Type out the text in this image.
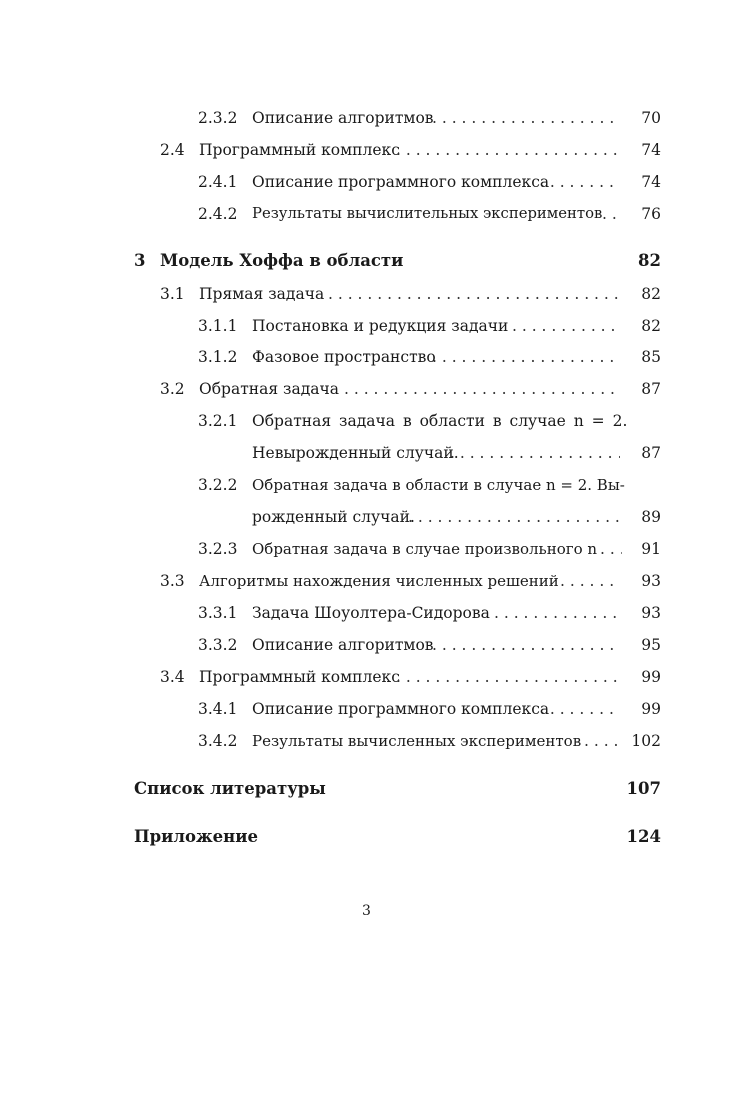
2.3.2 Описание алгоритмов . . .	70
2.4 Программный комплекс . . .	74
2.4.1 Описание программного комплекса . . .	74
2.4.2 Результаты вычислительных экспериментов . . .	76
3 Модель Хоффа в области	82
3.1 Прямая задача . . .	82
3.1.1 Постановка и редукция задачи . . .	82
3.1.2 Фазовое пространство . . .	85
3.2 Обратная задача . . .	87
3.2.1 Обратная задача в области в случае n = 2.
Невырожденный случай. . . .	87
3.2.2 Обратная задача в области в случае n = 2. Вы-
рожденный случай. . . .	89
3.2.3 Обратная задача в случае произвольного n . . .	91
3.3 Алгоритмы нахождения численных решений . . .	93
3.3.1 Задача Шоуолтера-Сидорова . . .	93
3.3.2 Описание алгоритмов . . .	95
3.4 Программный комплекс . . .	99
3.4.1 Описание программного комплекса . . .	99
3.4.2 Результаты вычисленных экспериментов . . .	102
Список литературы	107
Приложение	124
3
